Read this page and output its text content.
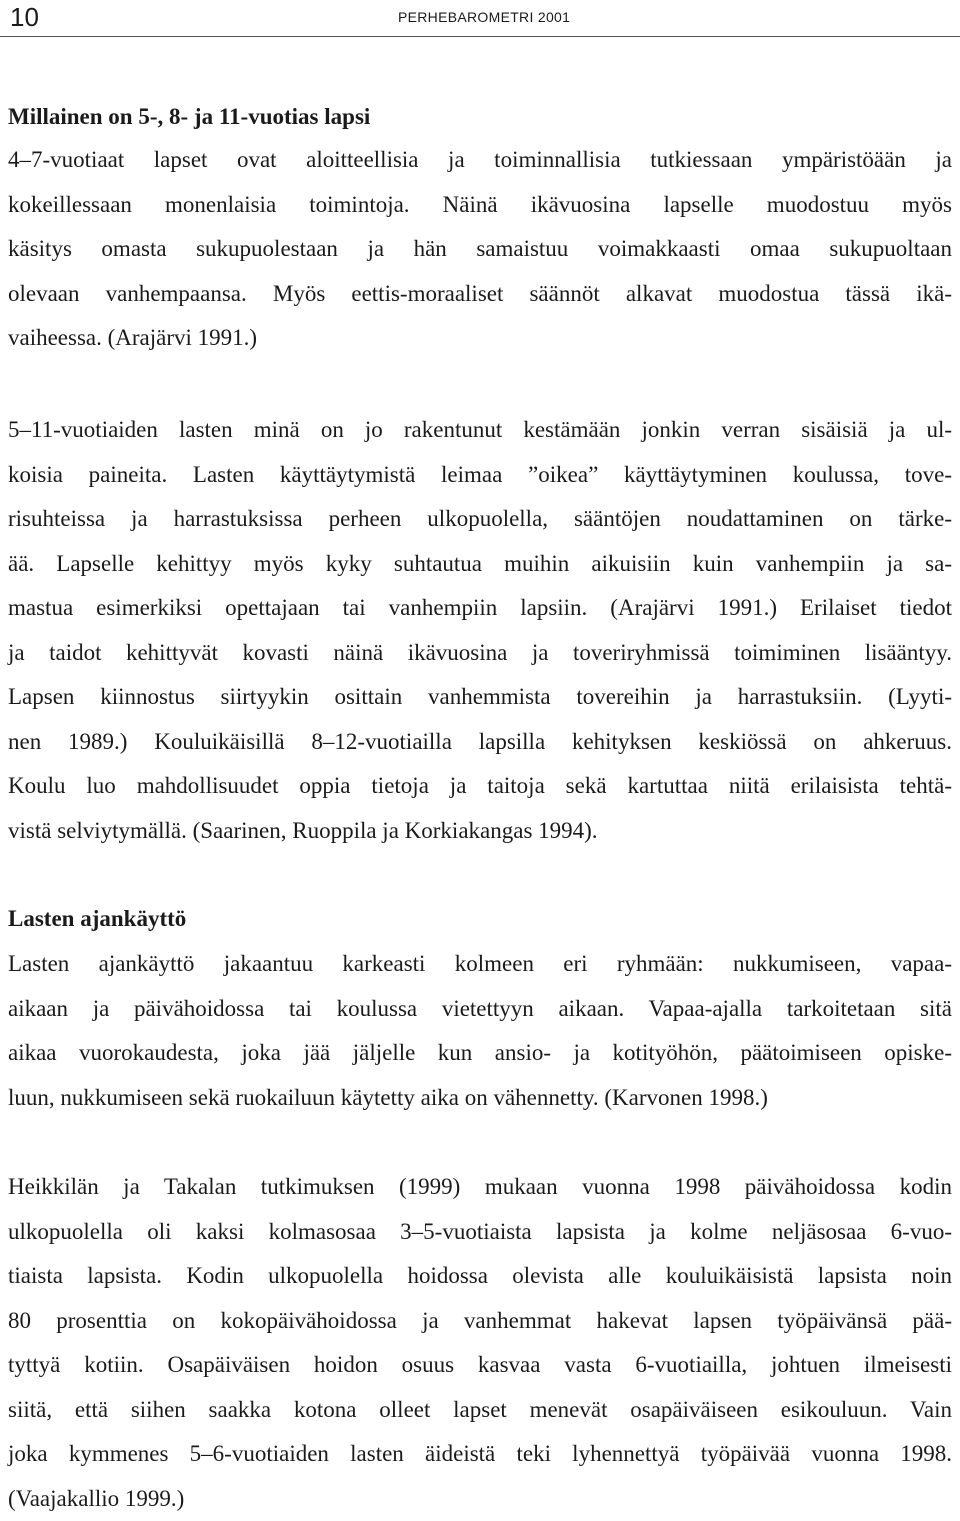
10	PERHEBAROMETRI 2001
Millainen on 5-, 8- ja 11-vuotias lapsi

4–7-vuotiaat lapset ovat aloitteellisia ja toiminnallisia tutkiessaan ympäristöään ja
kokeillessaan monenlaisia toimintoja. Näinä ikävuosina lapselle muodostuu myös
käsitys omasta sukupuolestaan ja hän samaistuu voimakkaasti omaa sukupuoltaan
olevaan vanhempaansa. Myös eettis-moraaliset säännöt alkavat muodostua tässä ikä-
vaiheessa. (Arajärvi 1991.)

5–11-vuotiaiden lasten minä on jo rakentunut kestämään jonkin verran sisäisiä ja ul-
koisia paineita. Lasten käyttäytymistä leimaa ”oikea” käyttäytyminen koulussa, tove-
risuhteissa ja harrastuksissa perheen ulkopuolella, sääntöjen noudattaminen on tärke-
ää. Lapselle kehittyy myös kyky suhtautua muihin aikuisiin kuin vanhempiin ja sa-
mastua esimerkiksi opettajaan tai vanhempiin lapsiin. (Arajärvi 1991.) Erilaiset tiedot
ja taidot kehittyvät kovasti näinä ikävuosina ja toveriryhmissä toimiminen lisääntyy.
Lapsen kiinnostus siirtyykin osittain vanhemmista tovereihin ja harrastuksiin. (Lyyti-
nen 1989.) Kouluikäisillä 8–12-vuotiailla lapsilla kehityksen keskiössä on ahkeruus.
Koulu luo mahdollisuudet oppia tietoja ja taitoja sekä kartuttaa niitä erilaisista tehtä-
vistä selviytymällä. (Saarinen, Ruoppila ja Korkiakangas 1994).

Lasten ajankäyttö

Lasten ajankäyttö jakaantuu karkeasti kolmeen eri ryhmään: nukkumiseen, vapaa-
aikaan ja päivähoidossa tai koulussa vietettyyn aikaan. Vapaa-ajalla tarkoitetaan sitä
aikaa vuorokaudesta, joka jää jäljelle kun ansio- ja kotityöhön, päätoimiseen opiske-
luun, nukkumiseen sekä ruokailuun käytetty aika on vähennetty. (Karvonen 1998.)

Heikkilän ja Takalan tutkimuksen (1999) mukaan vuonna 1998 päivähoidossa kodin
ulkopuolella oli kaksi kolmasosaa 3–5-vuotiaista lapsista ja kolme neljäsosaa 6-vuo-
tiaista lapsista. Kodin ulkopuolella hoidossa olevista alle kouluikäisistä lapsista noin
80 prosenttia on kokopäivähoidossa ja vanhemmat hakevat lapsen työpäivänsä pää-
tyttyä kotiin. Osapäiväisen hoidon osuus kasvaa vasta 6-vuotiailla, johtuen ilmeisesti
siitä, että siihen saakka kotona olleet lapset menevät osapäiväiseen esikouluun. Vain
joka kymmenes 5–6-vuotiaiden lasten äideistä teki lyhennettyä työpäivää vuonna 1998.
(Vaajakallio 1999.)
